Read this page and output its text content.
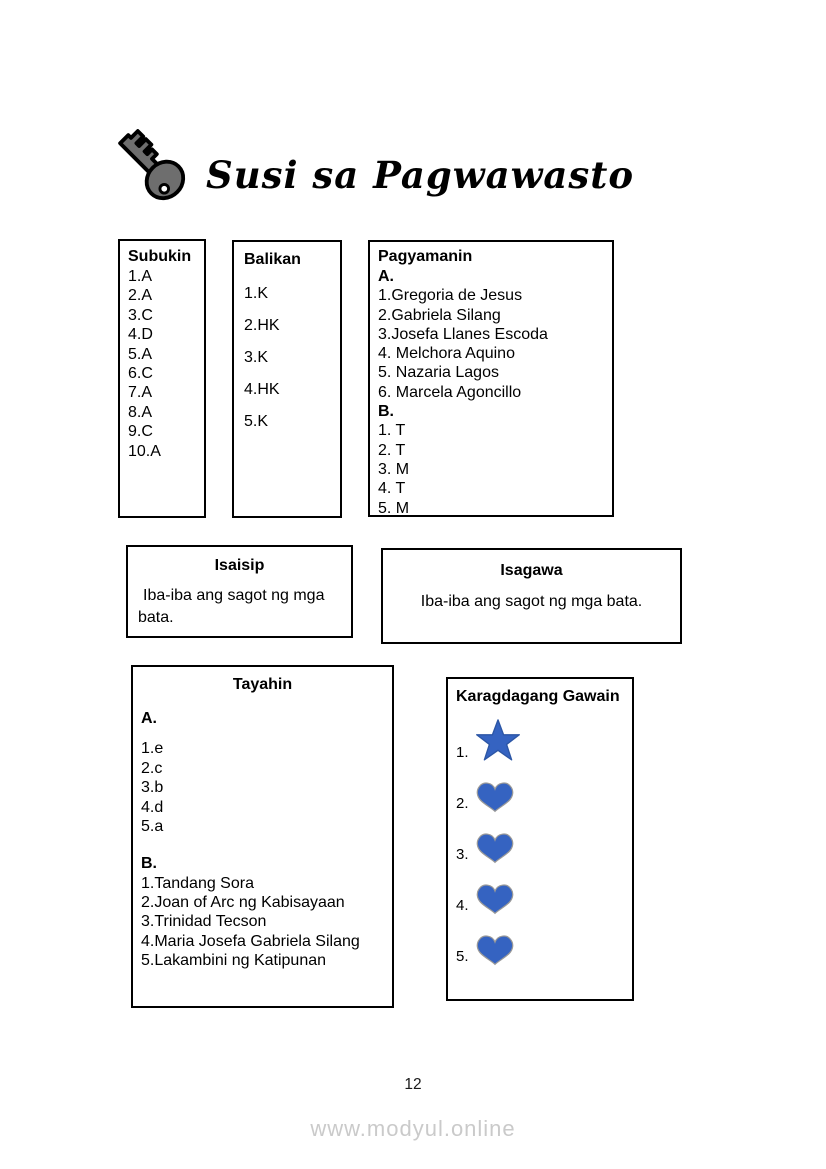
Susi sa Pagwawasto
Subukin
1.A
2.A
3.C
4.D
5.A
6.C
7.A
8.A
9.C
10.A
Balikan
1.K
2.HK
3.K
4.HK
5.K
Pagyamanin
A.
1.Gregoria de Jesus
2.Gabriela Silang
3.Josefa Llanes Escoda
4. Melchora Aquino
5. Nazaria Lagos
6. Marcela Agoncillo
B.
1. T
2. T
3. M
4. T
5. M
Isaisip
Iba-iba ang sagot ng mga bata.
Isagawa
Iba-iba ang sagot ng mga bata.
Tayahin
A.
1.e
2.c
3.b
4.d
5.a
B.
1.Tandang Sora
2.Joan of Arc ng Kabisayaan
3.Trinidad Tecson
4.Maria Josefa Gabriela Silang
5.Lakambini ng Katipunan
Karagdagang Gawain
1.
2.
3.
4.
5.
12
www.modyul.online
